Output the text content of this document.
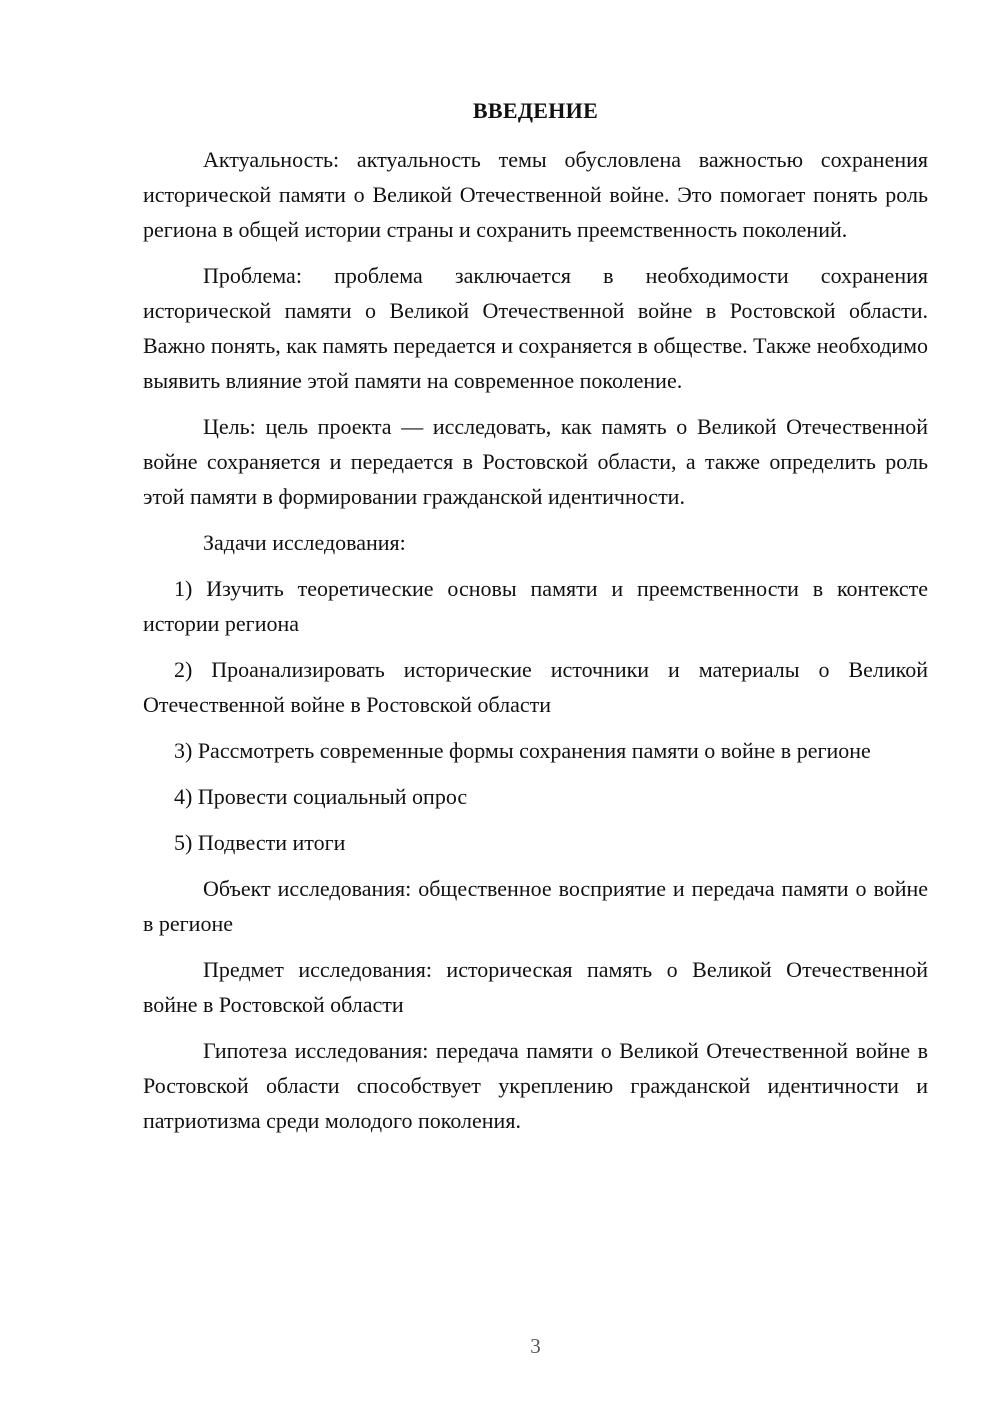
ВВЕДЕНИЕ

Актуальность: актуальность темы обусловлена важностью сохранения исторической памяти о Великой Отечественной войне. Это помогает понять роль региона в общей истории страны и сохранить преемственность поколений.

Проблема: проблема заключается в необходимости сохранения исторической памяти о Великой Отечественной войне в Ростовской области. Важно понять, как память передается и сохраняется в обществе. Также необходимо выявить влияние этой памяти на современное поколение.

Цель: цель проекта — исследовать, как память о Великой Отечественной войне сохраняется и передается в Ростовской области, а также определить роль этой памяти в формировании гражданской идентичности.

Задачи исследования:

1) Изучить теоретические основы памяти и преемственности в контексте истории региона

2) Проанализировать исторические источники и материалы о Великой Отечественной войне в Ростовской области

3) Рассмотреть современные формы сохранения памяти о войне в регионе

4) Провести социальный опрос

5) Подвести итоги

Объект исследования: общественное восприятие и передача памяти о войне в регионе

Предмет исследования: историческая память о Великой Отечественной войне в Ростовской области

Гипотеза исследования: передача памяти о Великой Отечественной войне в Ростовской области способствует укреплению гражданской идентичности и патриотизма среди молодого поколения.

3
